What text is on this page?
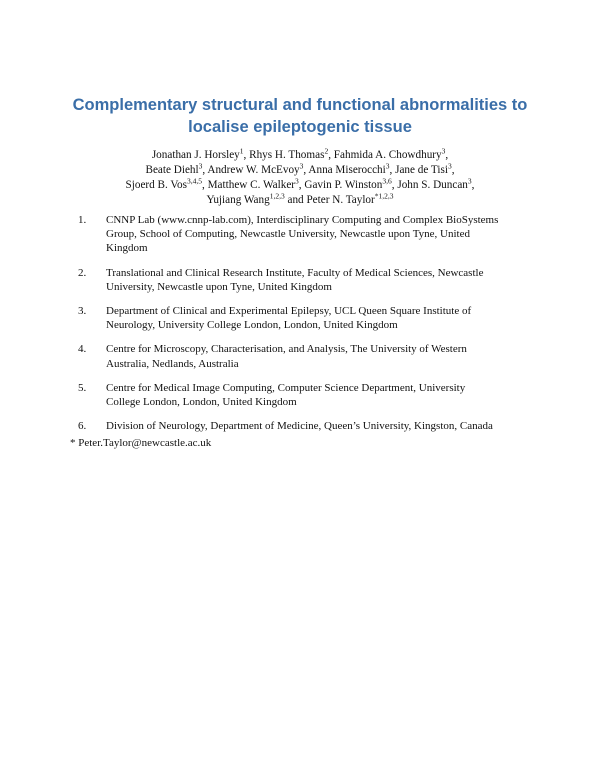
Complementary structural and functional abnormalities to
localise epileptogenic tissue
Jonathan J. Horsley$^1$, Rhys H. Thomas$^2$, Fahmida A. Chowdhury$^3$,
Beate Diehl$^3$, Andrew W. McEvoy$^3$, Anna Miserocchi$^3$, Jane de Tisi$^3$,
Sjoerd B. Vos$^{3,4,5}$, Matthew C. Walker$^3$, Gavin P. Winston$^{3,6}$, John S. Duncan$^3$,
Yujiang Wang$^{1,2,3}$ and Peter N. Taylor$^{*1,2,3}$
1. CNNP Lab (www.cnnp-lab.com), Interdisciplinary Computing and Complex BioSystems
Group, School of Computing, Newcastle University, Newcastle upon Tyne, United
Kingdom
2. Translational and Clinical Research Institute, Faculty of Medical Sciences, Newcastle
University, Newcastle upon Tyne, United Kingdom
3. Department of Clinical and Experimental Epilepsy, UCL Queen Square Institute of
Neurology, University College London, London, United Kingdom
4. Centre for Microscopy, Characterisation, and Analysis, The University of Western
Australia, Nedlands, Australia
5. Centre for Medical Image Computing, Computer Science Department, University
College London, London, United Kingdom
6. Division of Neurology, Department of Medicine, Queen’s University, Kingston, Canada
* Peter.Taylor@newcastle.ac.uk
